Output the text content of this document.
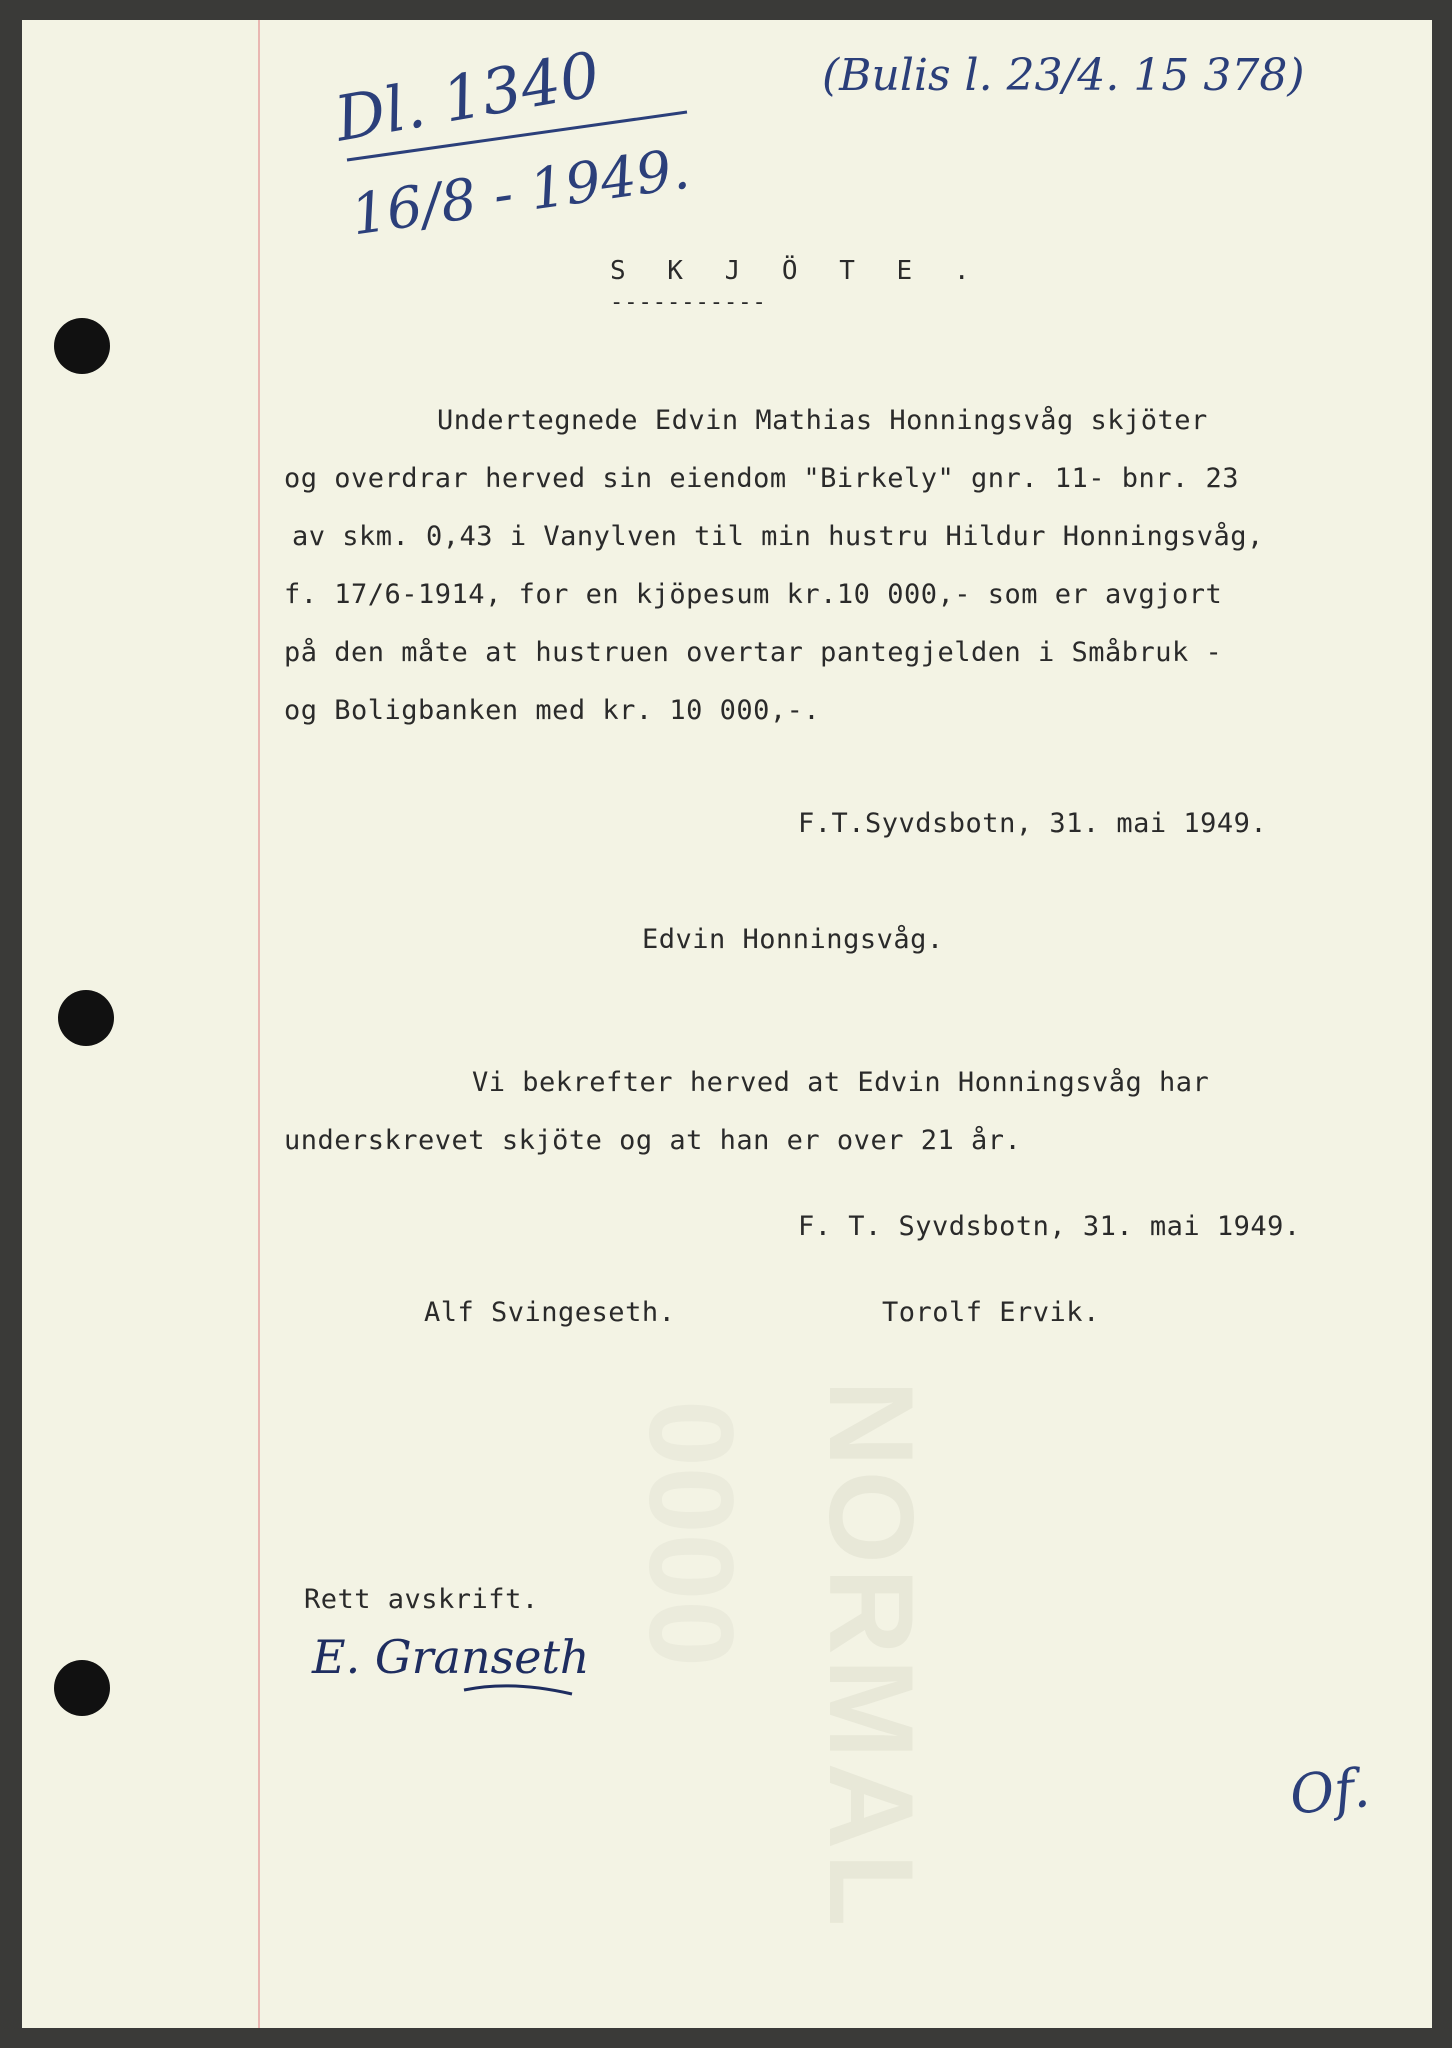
0000 NORMAL
Dl. 1340
16/8 - 1949.
(Bulis l. 23/4. 15 378)
S K J Ö T E .
-----------
Undertegnede Edvin Mathias Honningsvåg skjöter
og overdrar herved sin eiendom "Birkely" gnr. 11- bnr. 23
av skm. 0,43 i Vanylven til min hustru Hildur Honningsvåg,
f. 17/6-1914, for en kjöpesum kr.10 000,- som er avgjort
på den måte at hustruen overtar pantegjelden i Småbruk -
og Boligbanken med kr. 10 000,-.
F.T.Syvdsbotn, 31. mai 1949.
Edvin Honningsvåg.
Vi bekrefter herved at Edvin Honningsvåg har
underskrevet skjöte og at han er over 21 år.
F. T. Syvdsbotn, 31. mai 1949.
Alf Svingeseth.	Torolf Ervik.
Rett avskrift.
E. Granseth
Of.
